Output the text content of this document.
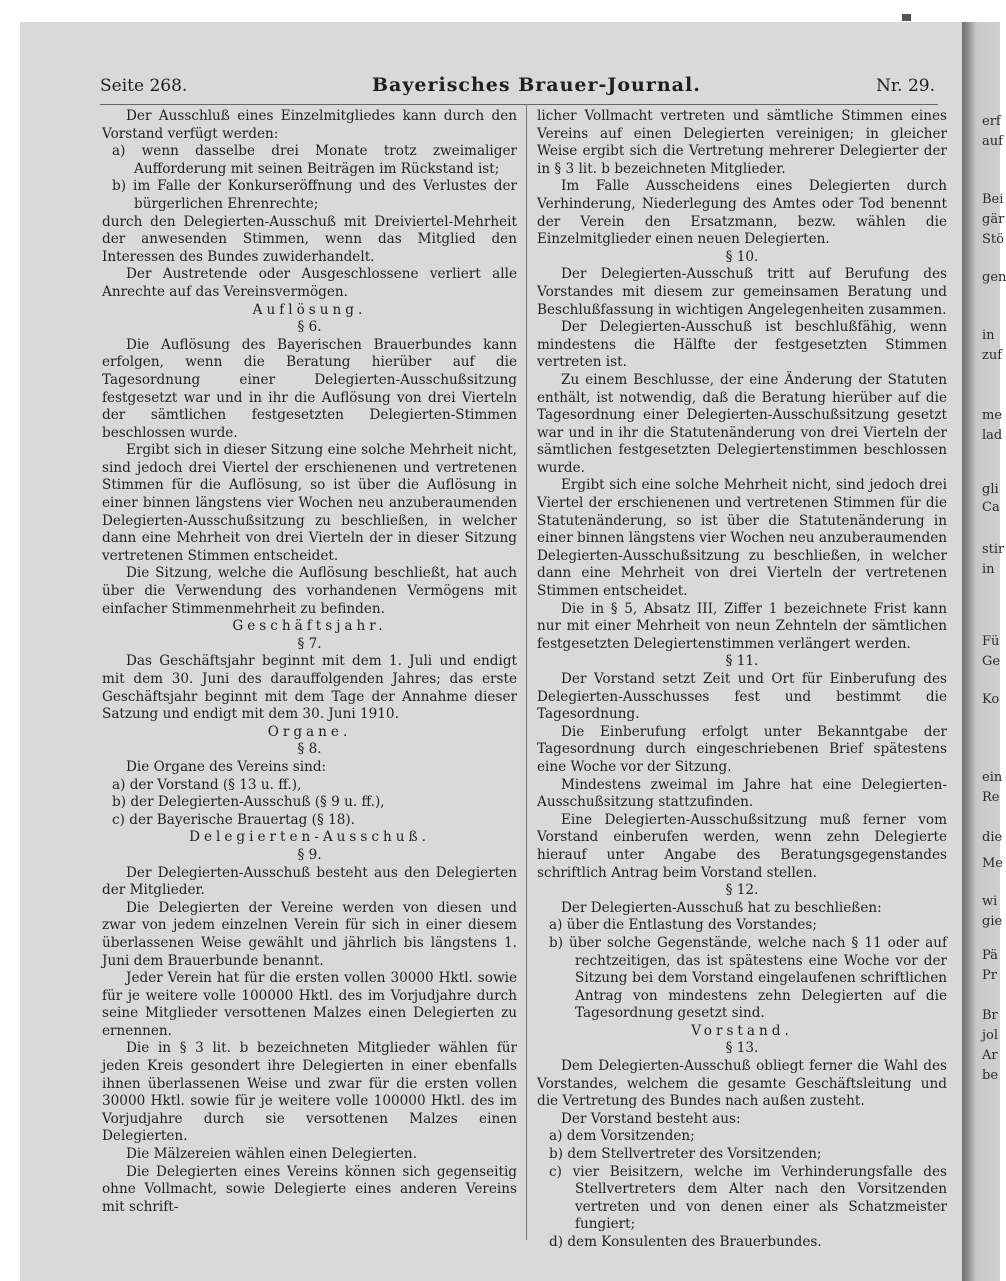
erf
auf
Bei
gär
Stö
gen
in
zuf
me
lad
gli
Ca
stir
in
Fü
Ge
Ko
ein
Re
die
Me
wi
gie
Pä
Pr
Br
jol
Ar
be
Seite 268.	Bayerisches Brauer-Journal.	Nr. 29.

Der Ausschluß eines Einzelmitgliedes kann durch den Vorstand verfügt werden:

a) wenn dasselbe drei Monate trotz zweimaliger Aufforderung mit seinen Beiträgen im Rückstand ist;

b) im Falle der Konkurseröffnung und des Verlustes der bürgerlichen Ehrenrechte;

durch den Delegierten-Ausschuß mit Dreiviertel-Mehrheit der anwesenden Stimmen, wenn das Mitglied den Interessen des Bundes zuwiderhandelt.

Der Austretende oder Ausgeschlossene verliert alle Anrechte auf das Vereinsvermögen.

Auflösung.

§ 6.

Die Auflösung des Bayerischen Brauerbundes kann erfolgen, wenn die Beratung hierüber auf die Tagesordnung einer Delegierten-Ausschußsitzung festgesetzt war und in ihr die Auflösung von drei Vierteln der sämtlichen festgesetzten Delegierten-Stimmen beschlossen wurde.

Ergibt sich in dieser Sitzung eine solche Mehrheit nicht, sind jedoch drei Viertel der erschienenen und vertretenen Stimmen für die Auflösung, so ist über die Auflösung in einer binnen längstens vier Wochen neu anzuberaumenden Delegierten-Ausschußsitzung zu beschließen, in welcher dann eine Mehrheit von drei Vierteln der in dieser Sitzung vertretenen Stimmen entscheidet.

Die Sitzung, welche die Auflösung beschließt, hat auch über die Verwendung des vorhandenen Vermögens mit einfacher Stimmenmehrheit zu befinden.

Geschäftsjahr.

§ 7.

Das Geschäftsjahr beginnt mit dem 1. Juli und endigt mit dem 30. Juni des darauffolgenden Jahres; das erste Geschäftsjahr beginnt mit dem Tage der Annahme dieser Satzung und endigt mit dem 30. Juni 1910.

Organe.

§ 8.

Die Organe des Vereins sind:

a) der Vorstand (§ 13 u. ff.),

b) der Delegierten-Ausschuß (§ 9 u. ff.),

c) der Bayerische Brauertag (§ 18).

Delegierten-Ausschuß.

§ 9.

Der Delegierten-Ausschuß besteht aus den Delegierten der Mitglieder.

Die Delegierten der Vereine werden von diesen und zwar von jedem einzelnen Verein für sich in einer diesem überlassenen Weise gewählt und jährlich bis längstens 1. Juni dem Brauerbunde benannt.

Jeder Verein hat für die ersten vollen 30000 Hktl. sowie für je weitere volle 100000 Hktl. des im Vorjudjahre durch seine Mitglieder versottenen Malzes einen Delegierten zu ernennen.

Die in § 3 lit. b bezeichneten Mitglieder wählen für jeden Kreis gesondert ihre Delegierten in einer ebenfalls ihnen überlassenen Weise und zwar für die ersten vollen 30000 Hktl. sowie für je weitere volle 100000 Hktl. des im Vorjudjahre durch sie versottenen Malzes einen Delegierten.

Die Mälzereien wählen einen Delegierten.

Die Delegierten eines Vereins können sich gegenseitig ohne Vollmacht, sowie Delegierte eines anderen Vereins mit schrift-

licher Vollmacht vertreten und sämtliche Stimmen eines Vereins auf einen Delegierten vereinigen; in gleicher Weise ergibt sich die Vertretung mehrerer Delegierter der in § 3 lit. b bezeichneten Mitglieder.

Im Falle Ausscheidens eines Delegierten durch Verhinderung, Niederlegung des Amtes oder Tod benennt der Verein den Ersatzmann, bezw. wählen die Einzelmitglieder einen neuen Delegierten.

§ 10.

Der Delegierten-Ausschuß tritt auf Berufung des Vorstandes mit diesem zur gemeinsamen Beratung und Beschlußfassung in wichtigen Angelegenheiten zusammen.

Der Delegierten-Ausschuß ist beschlußfähig, wenn mindestens die Hälfte der festgesetzten Stimmen vertreten ist.

Zu einem Beschlusse, der eine Änderung der Statuten enthält, ist notwendig, daß die Beratung hierüber auf die Tagesordnung einer Delegierten-Ausschußsitzung gesetzt war und in ihr die Statutenänderung von drei Vierteln der sämtlichen festgesetzten Delegiertenstimmen beschlossen wurde.

Ergibt sich eine solche Mehrheit nicht, sind jedoch drei Viertel der erschienenen und vertretenen Stimmen für die Statutenänderung, so ist über die Statutenänderung in einer binnen längstens vier Wochen neu anzuberaumenden Delegierten-Ausschußsitzung zu beschließen, in welcher dann eine Mehrheit von drei Vierteln der vertretenen Stimmen entscheidet.

Die in § 5, Absatz III, Ziffer 1 bezeichnete Frist kann nur mit einer Mehrheit von neun Zehnteln der sämtlichen festgesetzten Delegiertenstimmen verlängert werden.

§ 11.

Der Vorstand setzt Zeit und Ort für Einberufung des Delegierten-Ausschusses fest und bestimmt die Tagesordnung.

Die Einberufung erfolgt unter Bekanntgabe der Tagesordnung durch eingeschriebenen Brief spätestens eine Woche vor der Sitzung.

Mindestens zweimal im Jahre hat eine Delegierten-Ausschußsitzung stattzufinden.

Eine Delegierten-Ausschußsitzung muß ferner vom Vorstand einberufen werden, wenn zehn Delegierte hierauf unter Angabe des Beratungsgegenstandes schriftlich Antrag beim Vorstand stellen.

§ 12.

Der Delegierten-Ausschuß hat zu beschließen:

a) über die Entlastung des Vorstandes;

b) über solche Gegenstände, welche nach § 11 oder auf rechtzeitigen, das ist spätestens eine Woche vor der Sitzung bei dem Vorstand eingelaufenen schriftlichen Antrag von mindestens zehn Delegierten auf die Tagesordnung gesetzt sind.

Vorstand.

§ 13.

Dem Delegierten-Ausschuß obliegt ferner die Wahl des Vorstandes, welchem die gesamte Geschäftsleitung und die Vertretung des Bundes nach außen zusteht.

Der Vorstand besteht aus:

a) dem Vorsitzenden;

b) dem Stellvertreter des Vorsitzenden;

c) vier Beisitzern, welche im Verhinderungsfalle des Stellvertreters dem Alter nach den Vorsitzenden vertreten und von denen einer als Schatzmeister fungiert;

d) dem Konsulenten des Brauerbundes.
